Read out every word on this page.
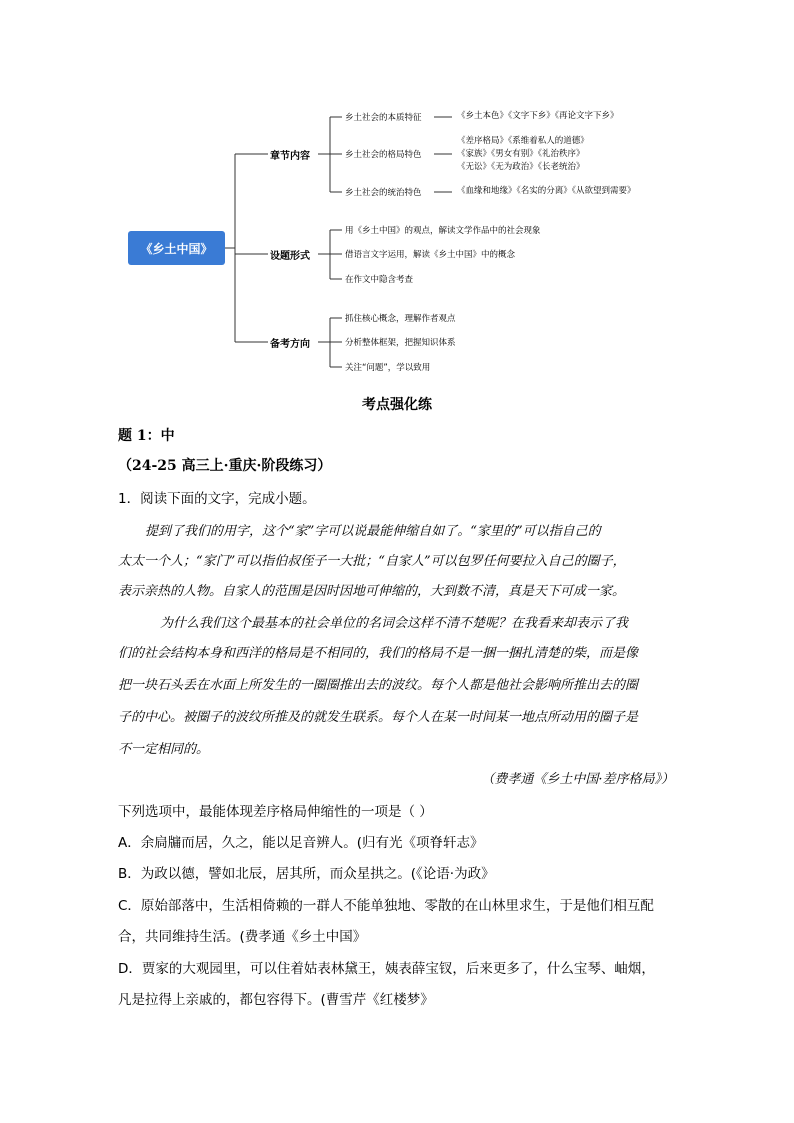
《乡土中国》
章节内容
设题形式
备考方向
乡土社会的本质特征
乡土社会的格局特色
乡土社会的统治特色
《乡土本色》《文字下乡》《再论文字下乡》
《差序格局》《系维着私人的道德》
《家族》《男女有别》《礼治秩序》
《无讼》《无为政治》《长老统治》
《血缘和地缘》《名实的分离》《从欲望到需要》
用《乡土中国》的观点，解读文学作品中的社会现象
借语言文字运用，解读《乡土中国》中的概念
在作文中隐含考查
抓住核心概念，理解作者观点
分析整体框架，把握知识体系
关注“问题”，学以致用
考点强化练
题 1：中
（24-25 高三上·重庆·阶段练习）
1．阅读下面的文字，完成小题。
提到了我们的用字，这个“家”字可以说最能伸缩自如了。“家里的”可以指自己的
太太一个人；“家门”可以指伯叔侄子一大批；“自家人”可以包罗任何要拉入自己的圈子，
表示亲热的人物。自家人的范围是因时因地可伸缩的，大到数不清，真是天下可成一家。
为什么我们这个最基本的社会单位的名词会这样不清不楚呢？在我看来却表示了我
们的社会结构本身和西洋的格局是不相同的，我们的格局不是一捆一捆扎清楚的柴，而是像
把一块石头丢在水面上所发生的一圈圈推出去的波纹。每个人都是他社会影响所推出去的圈
子的中心。被圈子的波纹所推及的就发生联系。每个人在某一时间某一地点所动用的圈子是
不一定相同的。
（费孝通《乡土中国·差序格局》）
下列选项中，最能体现差序格局伸缩性的一项是（ ）
A．余扃牖而居，久之，能以足音辨人。(归有光《项脊轩志》
B．为政以德，譬如北辰，居其所，而众星拱之。(《论语·为政》
C．原始部落中，生活相倚赖的一群人不能单独地、零散的在山林里求生，于是他们相互配
合，共同维持生活。(费孝通《乡土中国》
D．贾家的大观园里，可以住着姑表林黛王，姨表薛宝钗，后来更多了，什么宝琴、岫烟，
凡是拉得上亲戚的，都包容得下。(曹雪芹《红楼梦》
